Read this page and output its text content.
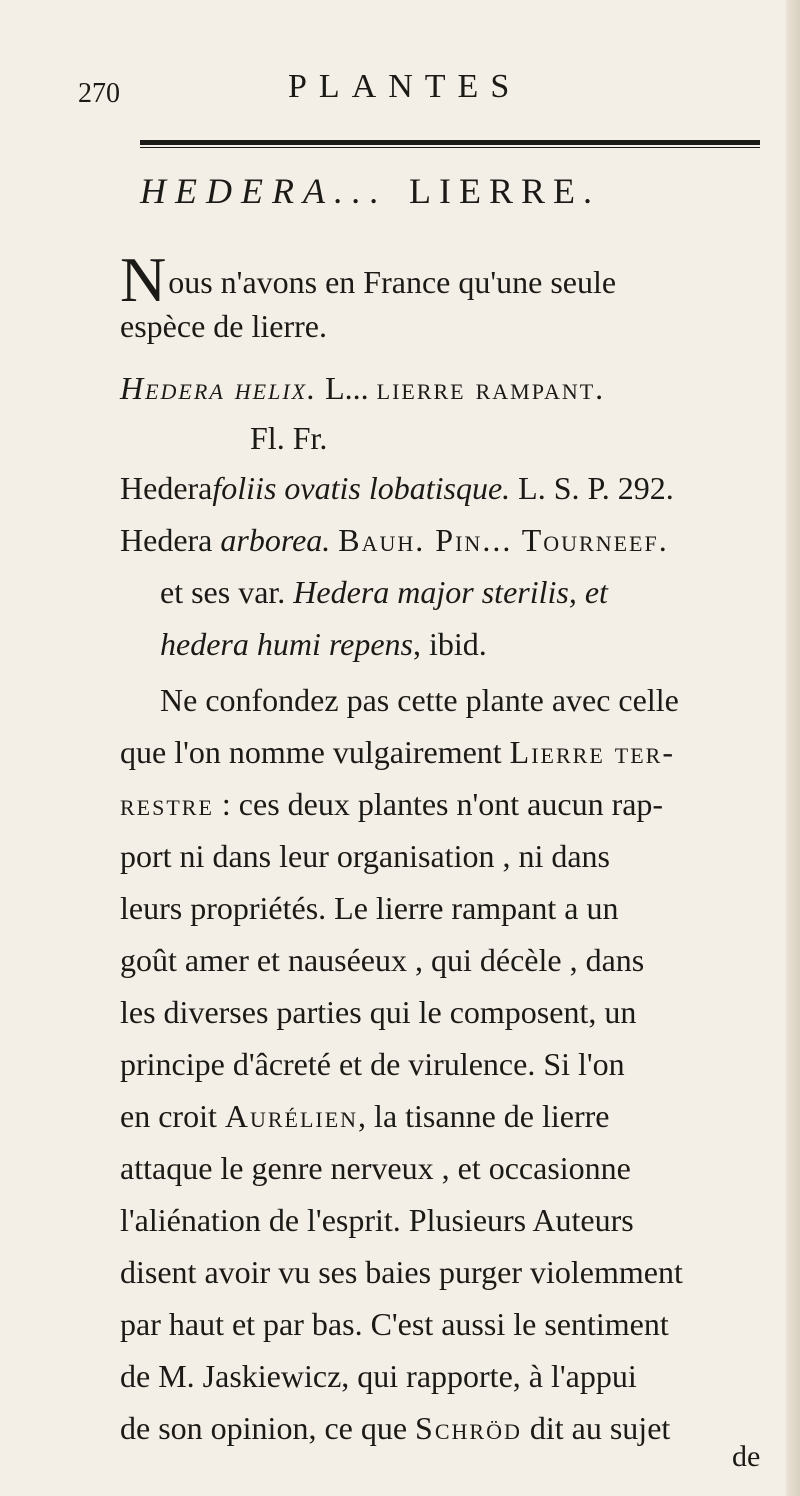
270	PLANTES
HEDERA... LIERRE.
Nous n'avons en France qu'une seule
espèce de lierre.
Hedera helix. L... lierre rampant.
Fl. Fr.
Hederafoliis ovatis lobatisque. L. S. P. 292.
Hedera arborea. Bauh. Pin... Tourneef.
et ses var. Hedera major sterilis, et
hedera humi repens, ibid.
Ne confondez pas cette plante avec celle
que l'on nomme vulgairement Lierre ter-
restre : ces deux plantes n'ont aucun rap-
port ni dans leur organisation , ni dans
leurs propriétés. Le lierre rampant a un
goût amer et nauséeux , qui décèle , dans
les diverses parties qui le composent, un
principe d'âcreté et de virulence. Si l'on
en croit Aurélien, la tisanne de lierre
attaque le genre nerveux , et occasionne
l'aliénation de l'esprit. Plusieurs Auteurs
disent avoir vu ses baies purger violemment
par haut et par bas. C'est aussi le sentiment
de M. Jaskiewicz, qui rapporte, à l'appui
de son opinion, ce que Schröd dit au sujet
de
